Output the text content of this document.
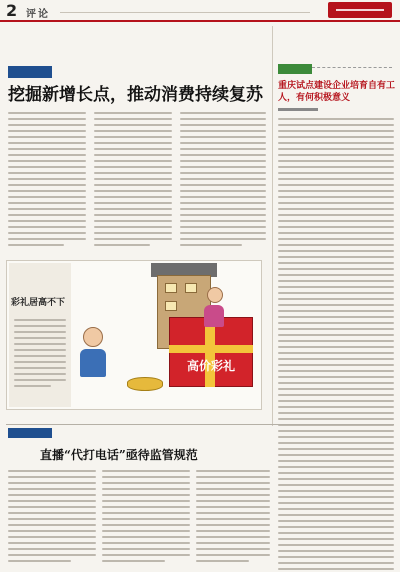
2 评论
挖掘新增长点，推动消费持续复苏
彩礼居高不下
高价彩礼
重庆试点建设企业培育自有工人，有何积极意义
直播“代打电话”亟待监管规范
